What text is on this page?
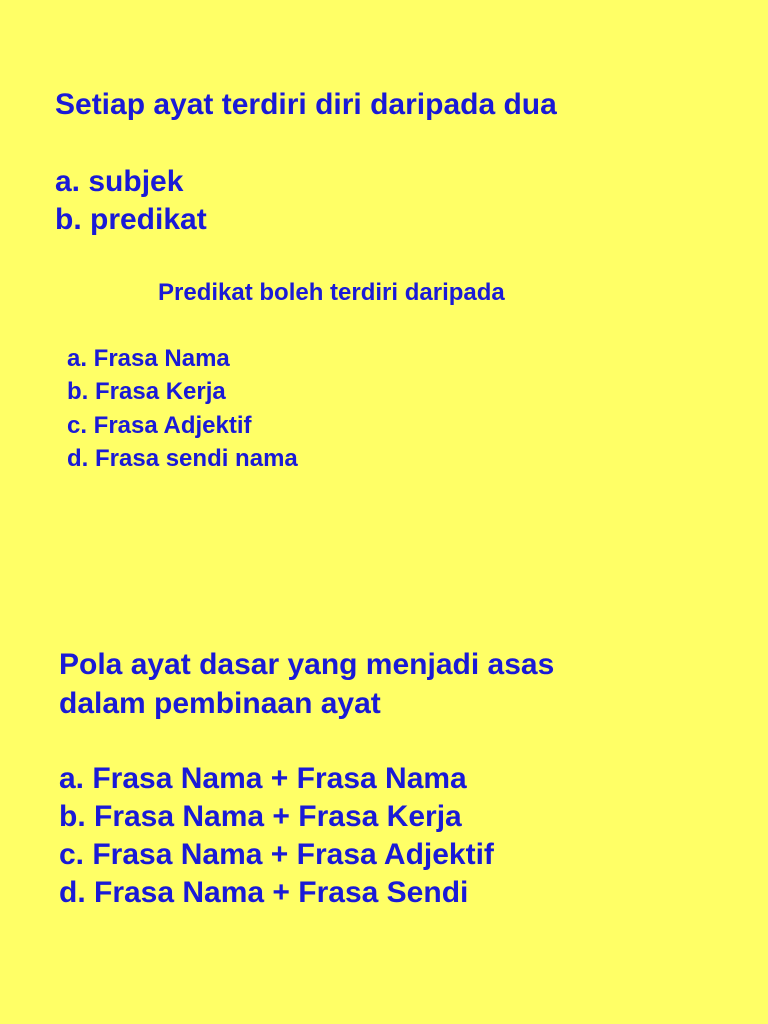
Setiap ayat terdiri diri daripada dua
a. subjek
b. predikat
Predikat boleh terdiri daripada
a. Frasa Nama
b. Frasa Kerja
c. Frasa Adjektif
d. Frasa sendi nama
Pola ayat dasar yang menjadi asas
dalam pembinaan ayat
a. Frasa Nama + Frasa Nama
b. Frasa Nama + Frasa Kerja
c. Frasa Nama + Frasa Adjektif
d. Frasa Nama + Frasa Sendi
